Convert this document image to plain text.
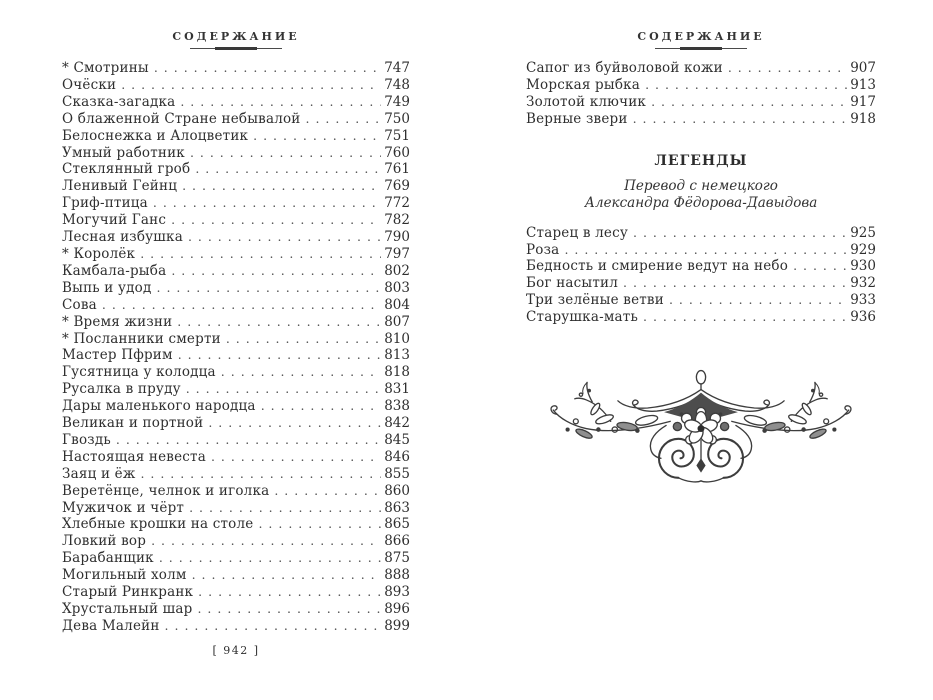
СОДЕРЖАНИЕ
* Смотрины . . .	747
Очёски . . .	748
Сказка-загадка . . .	749
О блаженной Стране небывалой . . .	750
Белоснежка и Алоцветик . . .	751
Умный работник . . .	760
Стеклянный гроб . . .	761
Ленивый Гейнц . . .	769
Гриф-птица . . .	772
Могучий Ганс . . .	782
Лесная избушка . . .	790
* Королёк . . .	797
Камбала-рыба . . .	802
Выпь и удод . . .	803
Сова . . .	804
* Время жизни . . .	807
* Посланники смерти . . .	810
Мастер Пфрим . . .	813
Гусятница у колодца . . .	818
Русалка в пруду . . .	831
Дары маленького народца . . .	838
Великан и портной . . .	842
Гвоздь . . .	845
Настоящая невеста . . .	846
Заяц и ёж . . .	855
Веретёнце, челнок и иголка . . .	860
Мужичок и чёрт . . .	863
Хлебные крошки на столе . . .	865
Ловкий вор . . .	866
Барабанщик . . .	875
Могильный холм . . .	888
Старый Ринкранк . . .	893
Хрустальный шар . . .	896
Дева Малейн . . .	899
СОДЕРЖАНИЕ
Сапог из буйволовой кожи . . .	907
Морская рыбка . . .	913
Золотой ключик . . .	917
Верные звери . . .	918
ЛЕГЕНДЫ
Перевод с немецкого
Александра Фёдорова-Давыдова
Старец в лесу . . .	925
Роза . . .	929
Бедность и смирение ведут на небо . . .	930
Бог насытил . . .	932
Три зелёные ветви . . .	933
Старушка-мать . . .	936
[ 942 ]
